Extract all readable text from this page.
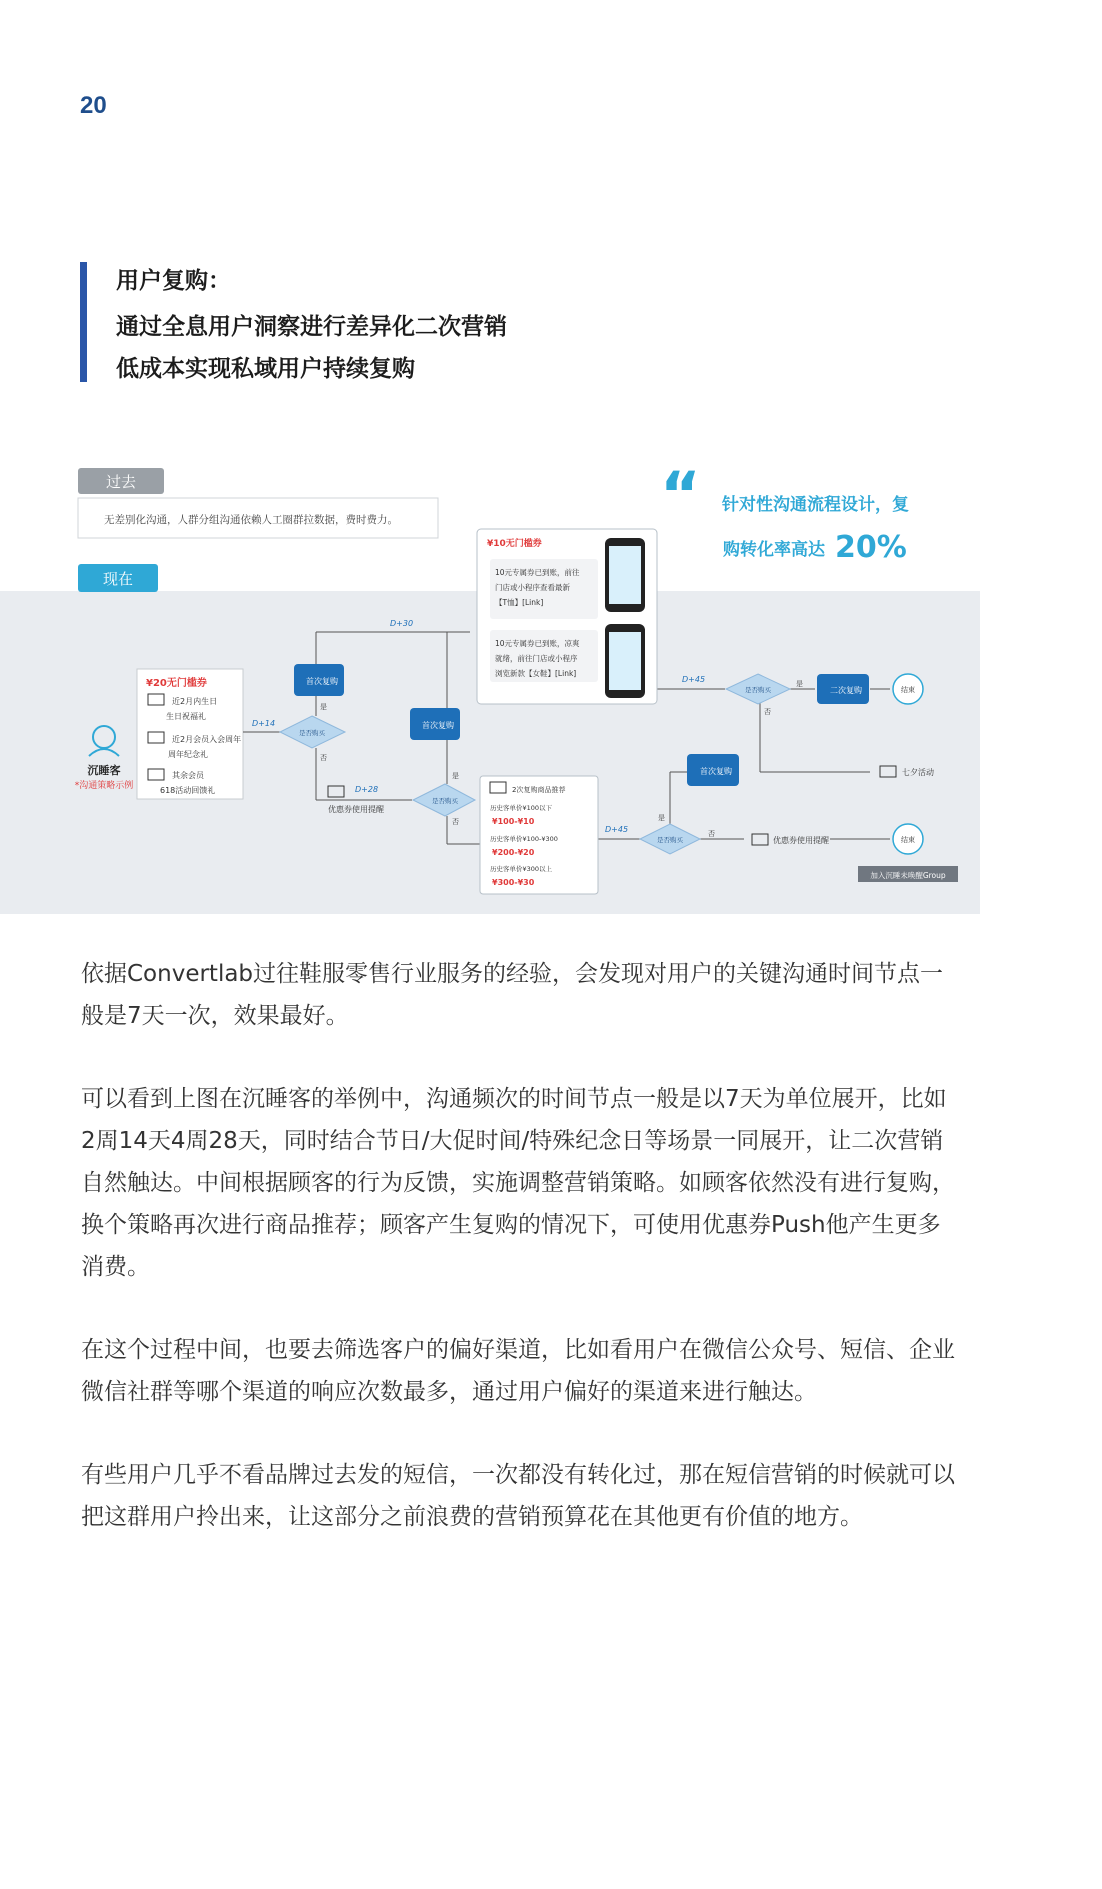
20
用户复购：
通过全息用户洞察进行差异化二次营销
低成本实现私域用户持续复购
过去
无差别化沟通，人群分组沟通依赖人工圈群拉数据，费时费力。
现在
“ 针对性沟通流程设计，复
购转化率高达 20%
沉睡客
*沟通策略示例
¥20无门槛券
近2月内生日
生日祝福礼
近2月会员入会周年
周年纪念礼
其余会员
618活动回馈礼
D+14
D+28
D+30
D+45
D+45
是否购买
是否购买
是否购买
是否购买
首次复购
首次复购
首次复购
二次复购	结束
结束
是
否
是
否	是
否
是
否
优惠券使用提醒
优惠券使用提醒
七夕活动
加入沉睡未唤醒Group
¥10无门槛券
10元专属券已到账，前往
门店或小程序查看最新
【T恤】[Link]
10元专属券已到账，凉爽
就绪，前往门店或小程序
浏览新款【女鞋】[Link]
2次复购商品推荐
历史客单价¥100以下
¥100-¥10
历史客单价¥100-¥300
¥200-¥20
历史客单价¥300以上
¥300-¥30

依据Convertlab过往鞋服零售行业服务的经验，会发现对用户的关键沟通时间节点一般是7天一次，效果最好。

可以看到上图在沉睡客的举例中，沟通频次的时间节点一般是以7天为单位展开，比如2周14天4周28天，同时结合节日/大促时间/特殊纪念日等场景一同展开，让二次营销自然触达。中间根据顾客的行为反馈，实施调整营销策略。如顾客依然没有进行复购，换个策略再次进行商品推荐；顾客产生复购的情况下，可使用优惠券Push他产生更多消费。

在这个过程中间，也要去筛选客户的偏好渠道，比如看用户在微信公众号、短信、企业微信社群等哪个渠道的响应次数最多，通过用户偏好的渠道来进行触达。

有些用户几乎不看品牌过去发的短信，一次都没有转化过，那在短信营销的时候就可以把这群用户拎出来，让这部分之前浪费的营销预算花在其他更有价值的地方。
